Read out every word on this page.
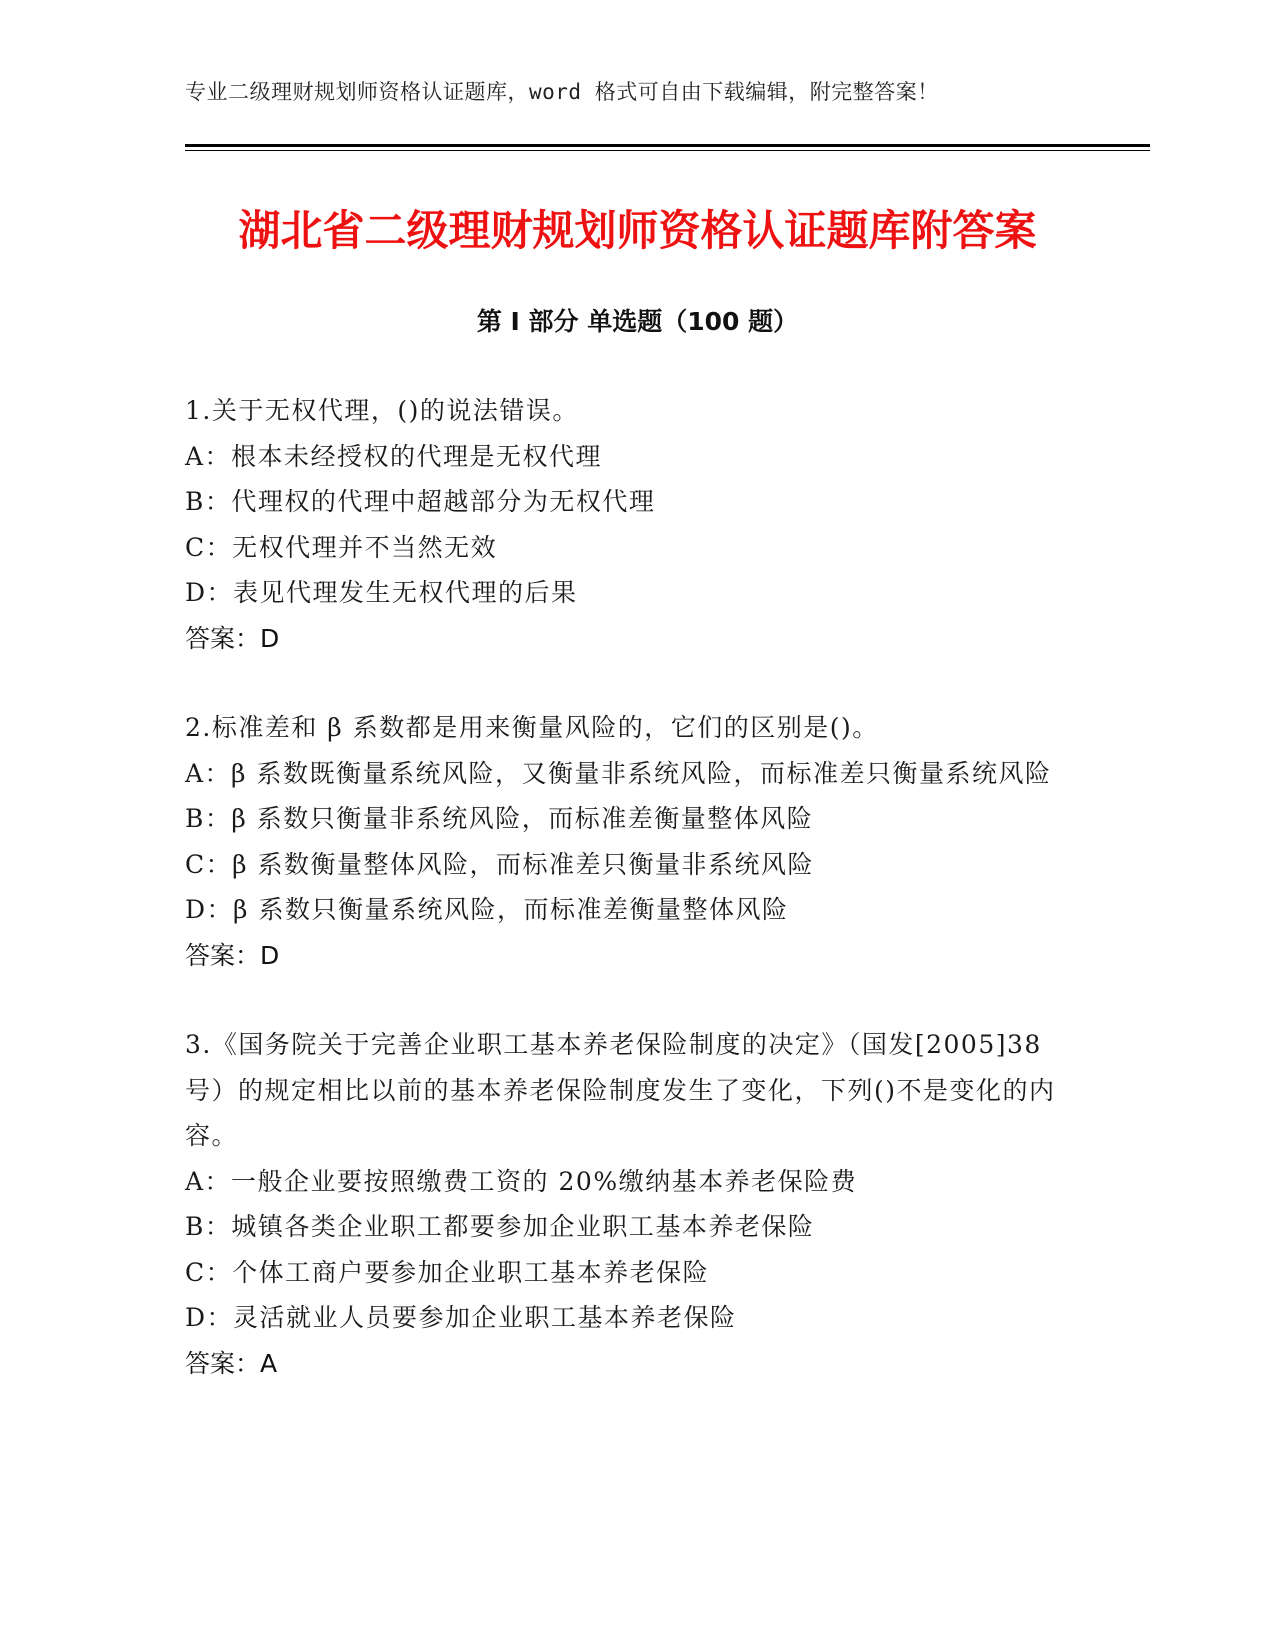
专业二级理财规划师资格认证题库，word 格式可自由下载编辑，附完整答案！
湖北省二级理财规划师资格认证题库附答案
第 I 部分 单选题（100 题）
1.关于无权代理，()的说法错误。
A：根本未经授权的代理是无权代理
B：代理权的代理中超越部分为无权代理
C：无权代理并不当然无效
D：表见代理发生无权代理的后果
答案：D
2.标准差和 β 系数都是用来衡量风险的，它们的区别是()。
A：β 系数既衡量系统风险，又衡量非系统风险，而标准差只衡量系统风险
B：β 系数只衡量非系统风险，而标准差衡量整体风险
C：β 系数衡量整体风险，而标准差只衡量非系统风险
D：β 系数只衡量系统风险，而标准差衡量整体风险
答案：D
3.《国务院关于完善企业职工基本养老保险制度的决定》（国发[2005]38 号）的规定相比以前的基本养老保险制度发生了变化，下列()不是变化的内容。
A：一般企业要按照缴费工资的 20%缴纳基本养老保险费
B：城镇各类企业职工都要参加企业职工基本养老保险
C：个体工商户要参加企业职工基本养老保险
D：灵活就业人员要参加企业职工基本养老保险
答案：A
